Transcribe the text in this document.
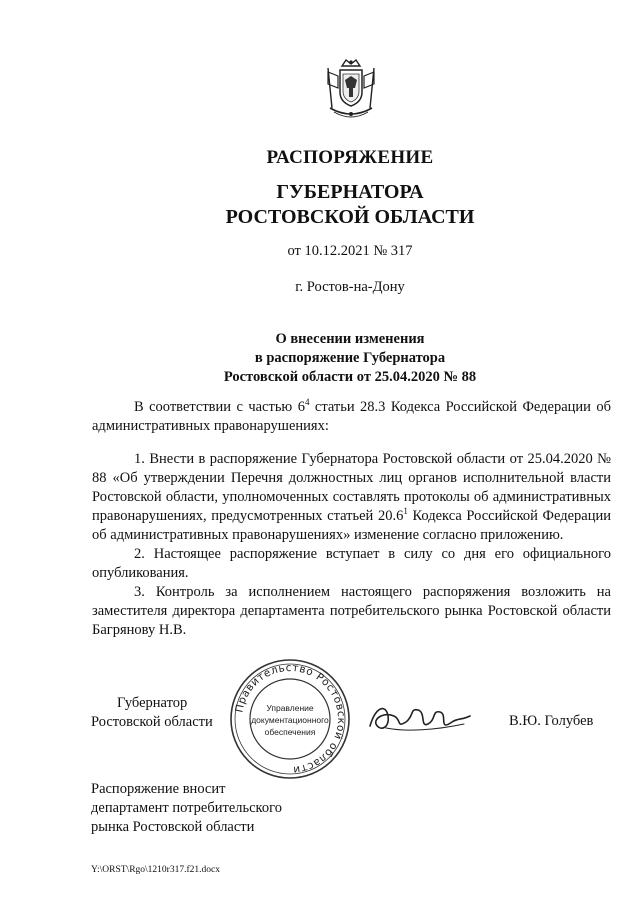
РАСПОРЯЖЕНИЕ
ГУБЕРНАТОРА
РОСТОВСКОЙ ОБЛАСТИ
от 10.12.2021 № 317
г. Ростов-на-Дону
О внесении изменения
в распоряжение Губернатора
Ростовской области от 25.04.2020 № 88

В соответствии с частью $6^4$ статьи 28.3 Кодекса Российской Федерации об административных правонарушениях:

1. Внести в распоряжение Губернатора Ростовской области от 25.04.2020 № 88 «Об утверждении Перечня должностных лиц органов исполнительной власти Ростовской области, уполномоченных составлять протоколы об административных правонарушениях, предусмотренных статьей 20.6$^1$ Кодекса Российской Федерации об административных правонарушениях» изменение согласно приложению.

2. Настоящее распоряжение вступает в силу со дня его официального опубликования.

3. Контроль за исполнением настоящего распоряжения возложить на заместителя директора департамента потребительского рынка Ростовской области Багрянову Н.В.

Губернатор
Ростовской области
Правительство Ростовской области
Управление
документационного
обеспечения
В.Ю. Голубев
Распоряжение вносит
департамент потребительского
рынка Ростовской области
Y:\ORST\Rgo\1210r317.f21.docx
